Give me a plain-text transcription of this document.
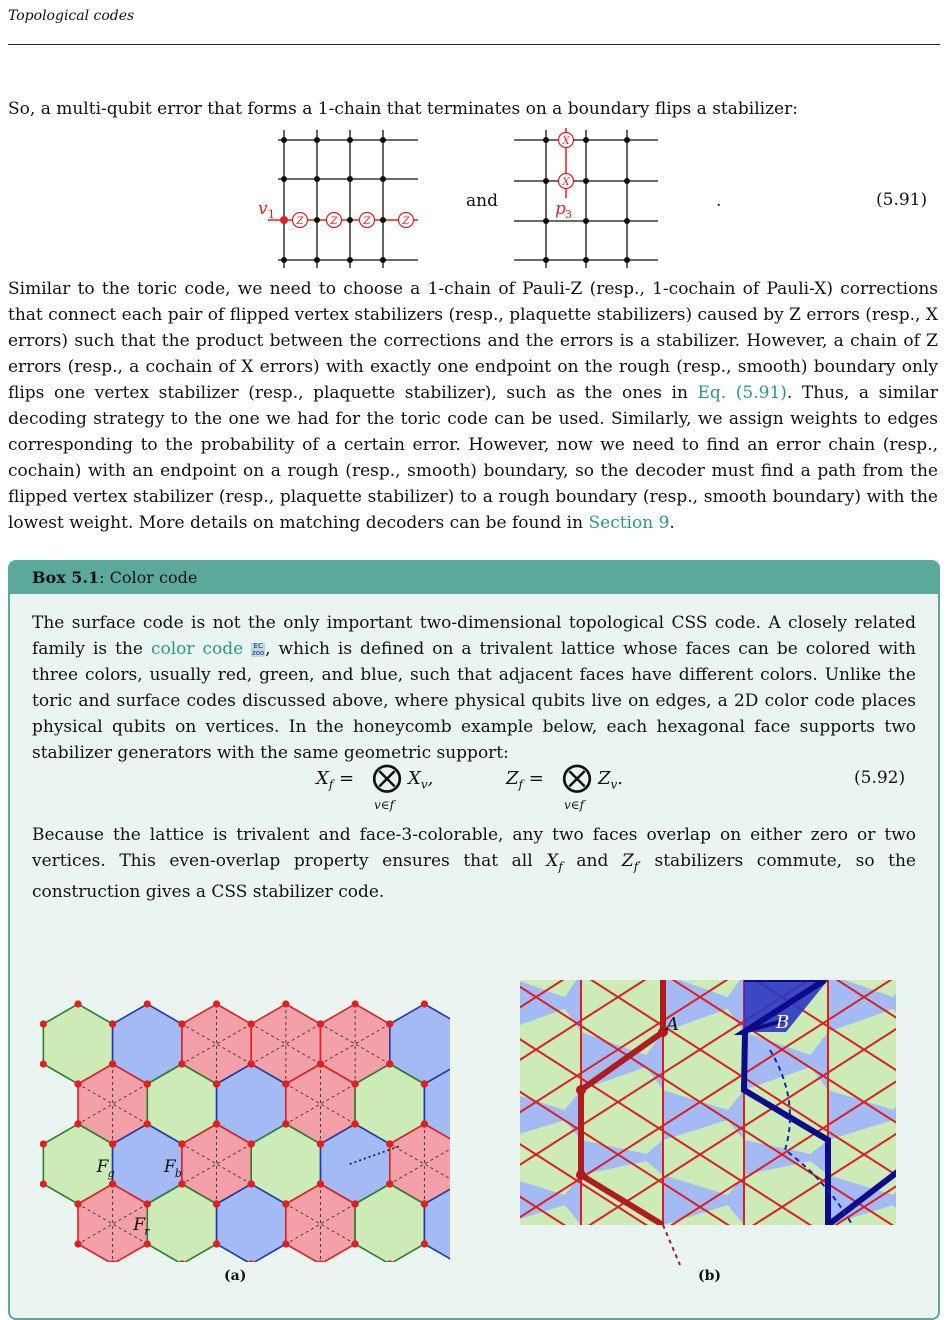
Topological codes

So, a multi-qubit error that forms a 1-chain that terminates on a boundary flips a stabilizer:

Z	Z	Z	Z
v 1
and
X
X
p 3
.	(5.91)

Similar to the toric code, we need to choose a 1-chain of Pauli-Z (resp., 1-cochain of Pauli-X) corrections that connect each pair of flipped vertex stabilizers (resp., plaquette stabilizers) caused by Z errors (resp., X errors) such that the product between the corrections and the errors is a stabilizer. However, a chain of Z errors (resp., a cochain of X errors) with exactly one endpoint on the rough (resp., smooth) boundary only flips one vertex stabilizer (resp., plaquette stabilizer), such as the ones in Eq. (5.91). Thus, a similar decoding strategy to the one we had for the toric code can be used. Similarly, we assign weights to edges corresponding to the probability of a certain error. However, now we need to find an error chain (resp., cochain) with an endpoint on a rough (resp., smooth) boundary, so the decoder must find a path from the flipped vertex stabilizer (resp., plaquette stabilizer) to a rough boundary (resp., smooth boundary) with the lowest weight. More details on matching decoders can be found in Section 9.

Box 5.1: Color code

The surface code is not the only important two-dimensional topological CSS code. A closely related family is the color code EC
zoo, which is defined on a trivalent lattice whose faces can be colored with three colors, usually red, green, and blue, such that adjacent faces have different colors. Unlike the toric and surface codes discussed above, where physical qubits live on edges, a 2D color code places physical qubits on vertices. In the honeycomb example below, each hexagonal face supports two stabilizer generators with the same geometric support:

$X_f$ = ⨂ $X_v$,
v∈f
$Z_f$ = ⨂ $Z_v$.
v∈f
(5.92)

Because the lattice is trivalent and face-3-colorable, any two faces overlap on either zero or two vertices. This even-overlap property ensures that all $X_f$ and $Z_{f'}$ stabilizers commute, so the construction gives a CSS stabilizer code.

F g	F b
F r
(a)
A	B
(b)
